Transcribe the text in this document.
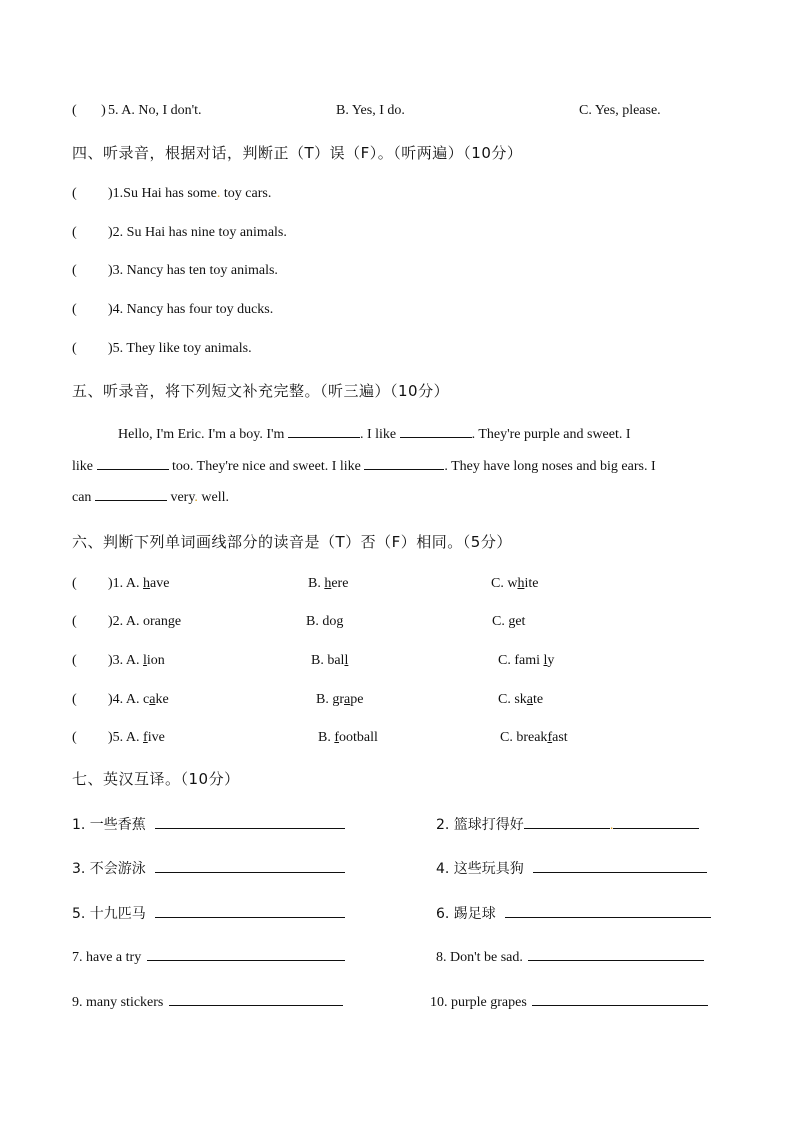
(       ) 5. A. No, I don't.	B. Yes, I do.	C. Yes, please.
四、听录音，根据对话，判断正（T）误（F）。（听两遍）（10分）
( )1.Su Hai has some. toy cars.
( )2. Su Hai has nine toy animals.
( )3. Nancy has ten toy animals.
( )4. Nancy has four toy ducks.
( )5. They like toy animals.
五、听录音，将下列短文补充完整。（听三遍）（10分）
Hello, I'm Eric. I'm a boy. I'm	. I like	. They're purple and sweet. I
like	too. They're nice and sweet. I like	. They have long noses and big ears. I
can	very. well.
六、判断下列单词画线部分的读音是（T）否（F）相同。（5分）
( )1. A. have	B. here	C. white
( )2. A. orange	B. dog	C. get
( )3. A. lion	B. ball	C. fami ly
( )4. A. cake	B. grape	C. skate
( )5. A. five	B. football	C. breakfast
七、英汉互译。（10分）
1. 一些香蕉	2. 篮球打得好	.
3. 不会游泳	4. 这些玩具狗
5. 十九匹马	6. 踢足球
7. have a try	8. Don't be sad.
9. many stickers	10. purple grapes
